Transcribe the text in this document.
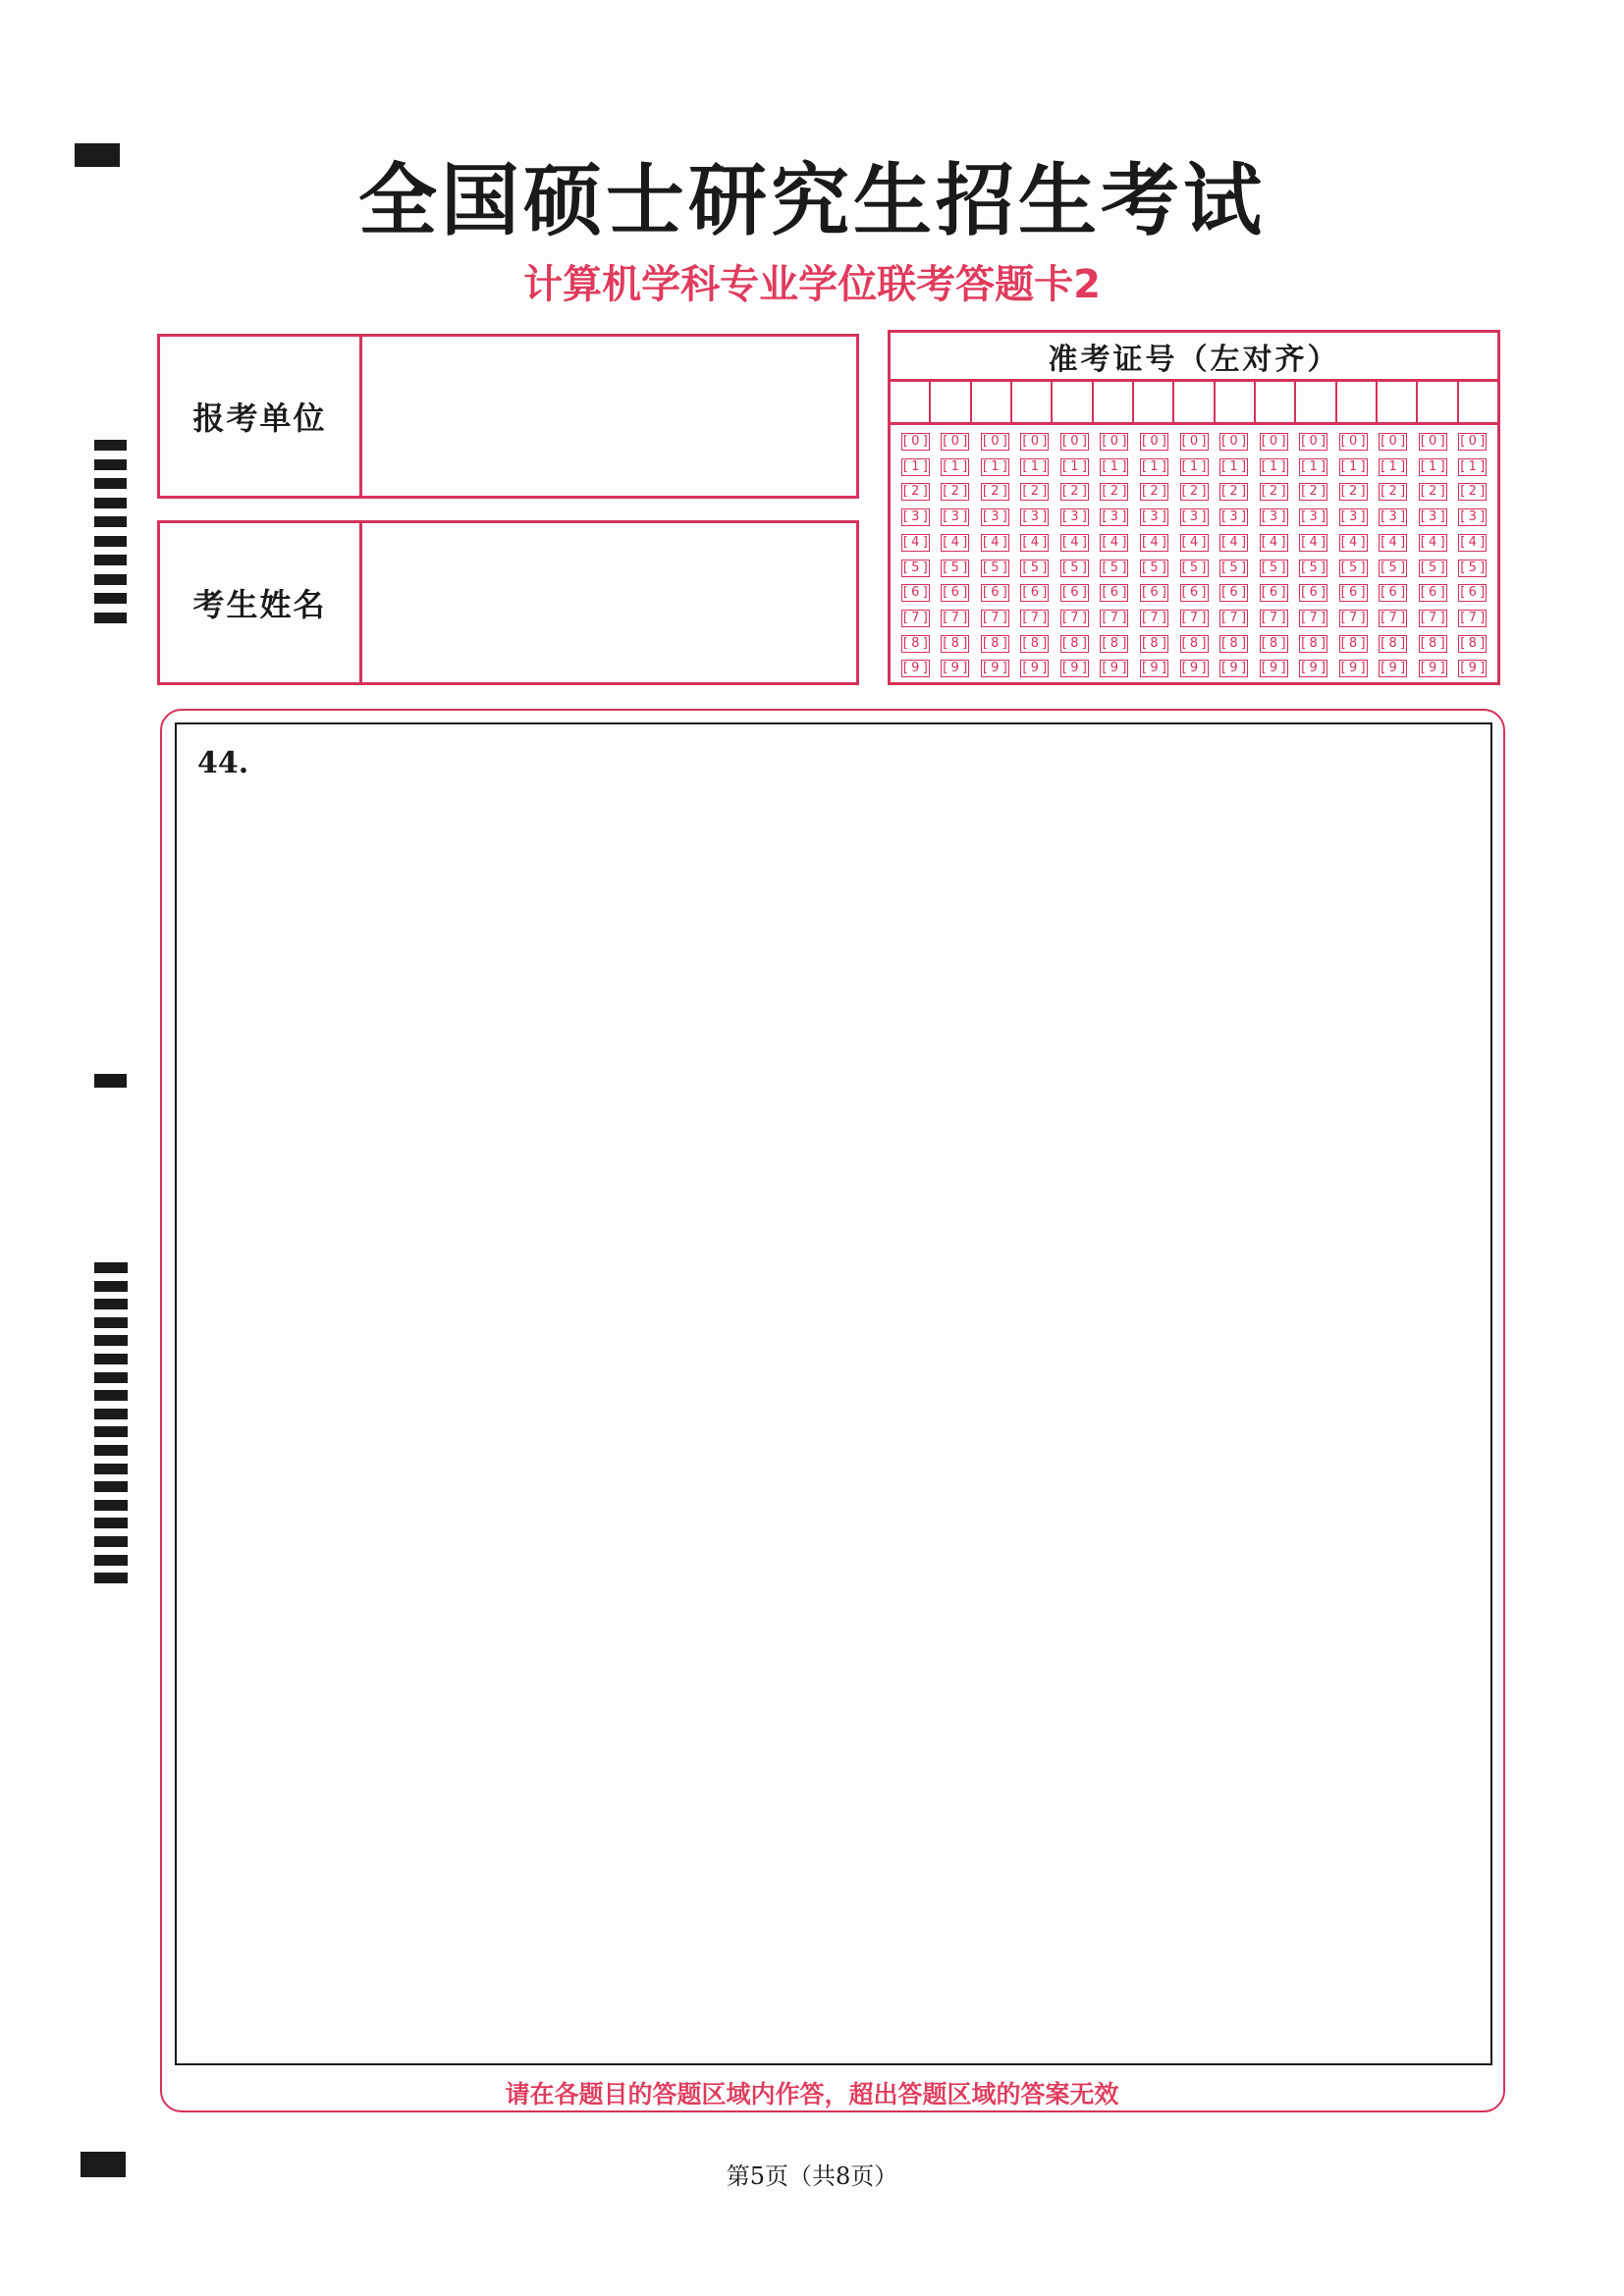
全国硕士研究生招生考试
计算机学科专业学位联考答题卡2
报考单位
考生姓名
准考证号（左对齐）
[ 0 ]
[ 1 ]
[ 2 ]
[ 3 ]
[ 4 ]
[ 5 ]
[ 6 ]
[ 7 ]
[ 8 ]
[ 9 ]
[ 0 ]
[ 1 ]
[ 2 ]
[ 3 ]
[ 4 ]
[ 5 ]
[ 6 ]
[ 7 ]
[ 8 ]
[ 9 ]
[ 0 ]
[ 1 ]
[ 2 ]
[ 3 ]
[ 4 ]
[ 5 ]
[ 6 ]
[ 7 ]
[ 8 ]
[ 9 ]
[ 0 ]
[ 1 ]
[ 2 ]
[ 3 ]
[ 4 ]
[ 5 ]
[ 6 ]
[ 7 ]
[ 8 ]
[ 9 ]
[ 0 ]
[ 1 ]
[ 2 ]
[ 3 ]
[ 4 ]
[ 5 ]
[ 6 ]
[ 7 ]
[ 8 ]
[ 9 ]
[ 0 ]
[ 1 ]
[ 2 ]
[ 3 ]
[ 4 ]
[ 5 ]
[ 6 ]
[ 7 ]
[ 8 ]
[ 9 ]
[ 0 ]
[ 1 ]
[ 2 ]
[ 3 ]
[ 4 ]
[ 5 ]
[ 6 ]
[ 7 ]
[ 8 ]
[ 9 ]
[ 0 ]
[ 1 ]
[ 2 ]
[ 3 ]
[ 4 ]
[ 5 ]
[ 6 ]
[ 7 ]
[ 8 ]
[ 9 ]
[ 0 ]
[ 1 ]
[ 2 ]
[ 3 ]
[ 4 ]
[ 5 ]
[ 6 ]
[ 7 ]
[ 8 ]
[ 9 ]
[ 0 ]
[ 1 ]
[ 2 ]
[ 3 ]
[ 4 ]
[ 5 ]
[ 6 ]
[ 7 ]
[ 8 ]
[ 9 ]
[ 0 ]
[ 1 ]
[ 2 ]
[ 3 ]
[ 4 ]
[ 5 ]
[ 6 ]
[ 7 ]
[ 8 ]
[ 9 ]
[ 0 ]
[ 1 ]
[ 2 ]
[ 3 ]
[ 4 ]
[ 5 ]
[ 6 ]
[ 7 ]
[ 8 ]
[ 9 ]
[ 0 ]
[ 1 ]
[ 2 ]
[ 3 ]
[ 4 ]
[ 5 ]
[ 6 ]
[ 7 ]
[ 8 ]
[ 9 ]
[ 0 ]
[ 1 ]
[ 2 ]
[ 3 ]
[ 4 ]
[ 5 ]
[ 6 ]
[ 7 ]
[ 8 ]
[ 9 ]
[ 0 ]
[ 1 ]
[ 2 ]
[ 3 ]
[ 4 ]
[ 5 ]
[ 6 ]
[ 7 ]
[ 8 ]
[ 9 ]
44.
请在各题目的答题区域内作答，超出答题区域的答案无效
第5页（共8页）
